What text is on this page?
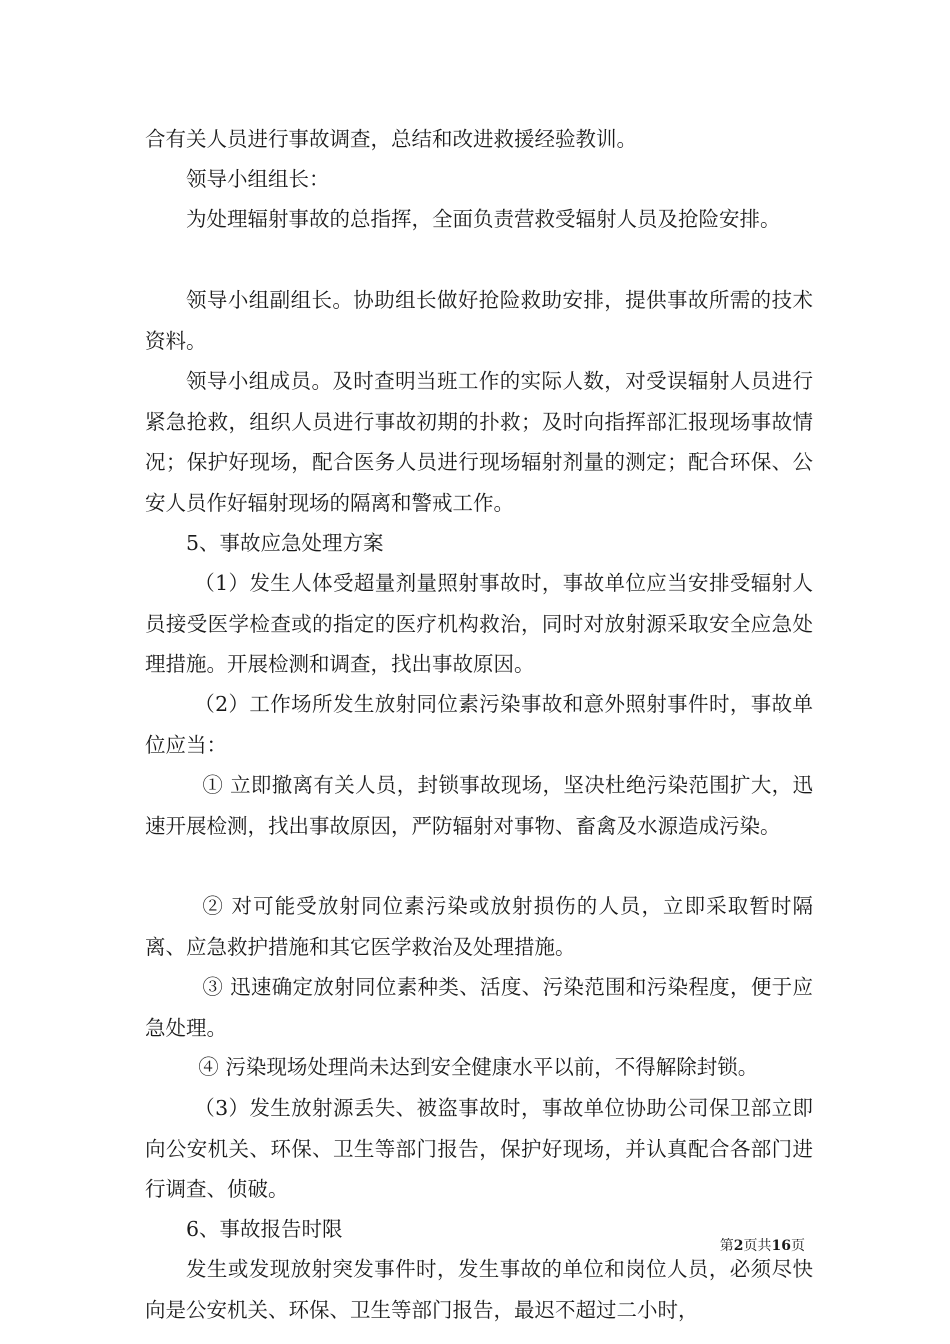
合有关人员进行事故调查，总结和改进救援经验教训。

领导小组组长：

为处理辐射事故的总指挥，全面负责营救受辐射人员及抢险安排。

领导小组副组长。协助组长做好抢险救助安排，提供事故所需的技术资料。

领导小组成员。及时查明当班工作的实际人数，对受误辐射人员进行紧急抢救，组织人员进行事故初期的扑救；及时向指挥部汇报现场事故情况；保护好现场，配合医务人员进行现场辐射剂量的测定；配合环保、公安人员作好辐射现场的隔离和警戒工作。

5、事故应急处理方案

（1）发生人体受超量剂量照射事故时，事故单位应当安排受辐射人员接受医学检查或的指定的医疗机构救治，同时对放射源采取安全应急处理措施。开展检测和调查，找出事故原因。

（2）工作场所发生放射同位素污染事故和意外照射事件时，事故单位应当：

① 立即撤离有关人员，封锁事故现场，坚决杜绝污染范围扩大，迅速开展检测，找出事故原因，严防辐射对事物、畜禽及水源造成污染。

② 对可能受放射同位素污染或放射损伤的人员，立即采取暂时隔离、应急救护措施和其它医学救治及处理措施。

③ 迅速确定放射同位素种类、活度、污染范围和污染程度，便于应急处理。

④ 污染现场处理尚未达到安全健康水平以前，不得解除封锁。

（3）发生放射源丢失、被盗事故时，事故单位协助公司保卫部立即向公安机关、环保、卫生等部门报告，保护好现场，并认真配合各部门进行调查、侦破。

6、事故报告时限

发生或发现放射突发事件时，发生事故的单位和岗位人员，必须尽快向是公安机关、环保、卫生等部门报告，最迟不超过二小时，

第2页共16页
